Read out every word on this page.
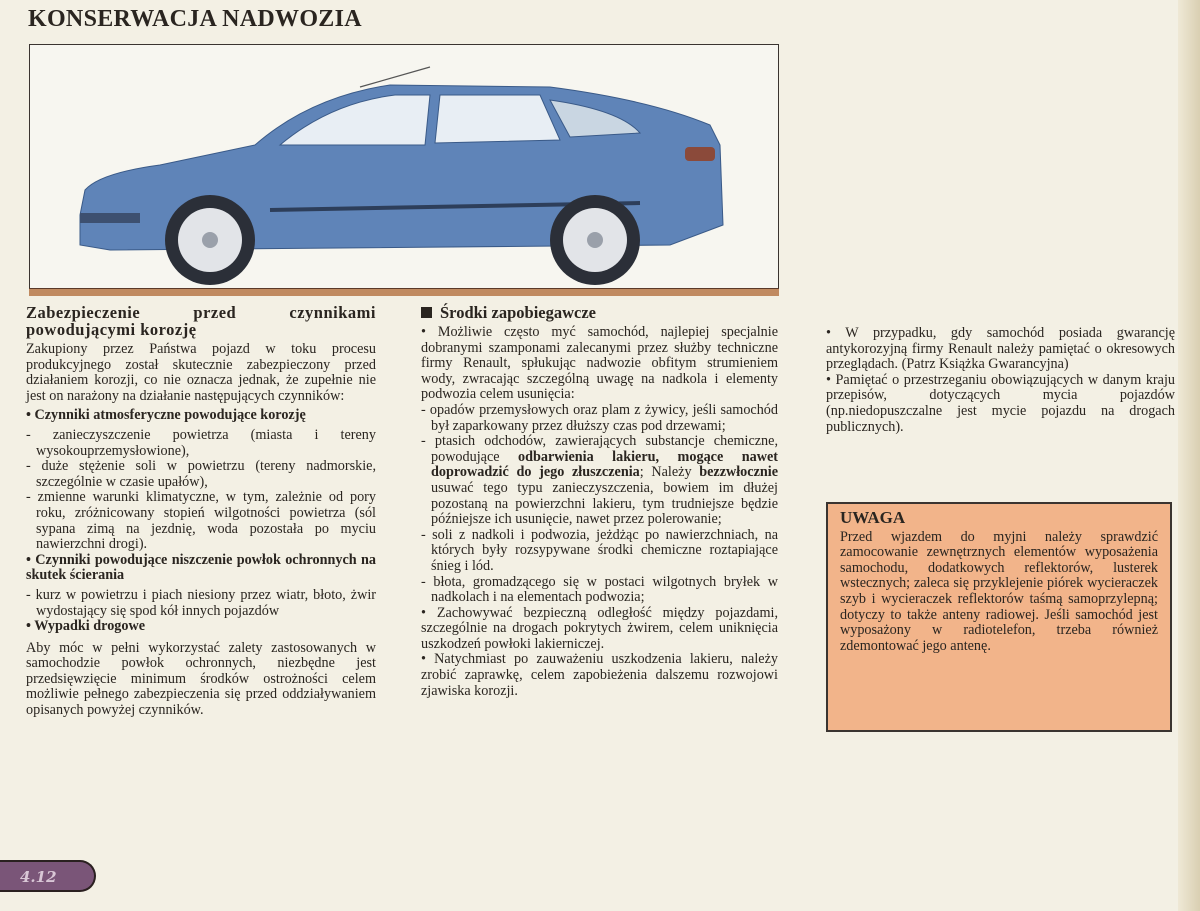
KONSERWACJA NADWOZIA

Zabezpieczenie przed czynnikami powodującymi korozję

Zakupiony przez Państwa pojazd w toku procesu produkcyjnego został skutecznie zabezpieczony przed działaniem korozji, co nie oznacza jednak, że zupełnie nie jest on narażony na działanie następujących czynników:

• Czynniki atmosferyczne powodujące korozję

- zanieczyszczenie powietrza (miasta i tereny wysokouprzemysłowione),

- duże stężenie soli w powietrzu (tereny nadmorskie, szczególnie w czasie upałów),

- zmienne warunki klimatyczne, w tym, zależnie od pory roku, zróżnicowany stopień wilgotności powietrza (sól sypana zimą na jezdnię, woda pozostała po myciu nawierzchni drogi).

• Czynniki powodujące niszczenie powłok ochronnych na skutek ścierania

- kurz w powietrzu i piach niesiony przez wiatr, błoto, żwir wydostający się spod kół innych pojazdów

• Wypadki drogowe

Aby móc w pełni wykorzystać zalety zastosowanych w samochodzie powłok ochronnych, niezbędne jest przedsięwzięcie minimum środków ostrożności celem możliwie pełnego zabezpieczenia się przed oddziaływaniem opisanych powyżej czynników.

Środki zapobiegawcze

• Możliwie często myć samochód, najlepiej specjalnie dobranymi szamponami zalecanymi przez służby techniczne firmy Renault, spłukując nadwozie obfitym strumieniem wody, zwracając szczególną uwagę na nadkola i elementy podwozia celem usunięcia:

- opadów przemysłowych oraz plam z żywicy, jeśli samochód był zaparkowany przez dłuższy czas pod drzewami;

- ptasich odchodów, zawierających substancje chemiczne, powodujące odbarwienia lakieru, mogące nawet doprowadzić do jego złuszczenia; Należy bezzwłocznie usuwać tego typu zanieczyszczenia, bowiem im dłużej pozostaną na powierzchni lakieru, tym trudniejsze będzie późniejsze ich usunięcie, nawet przez polerowanie;

- soli z nadkoli i podwozia, jeżdżąc po nawierzchniach, na których były rozsypywane środki chemiczne roztapiające śnieg i lód.

- błota, gromadzącego się w postaci wilgotnych bryłek w nadkolach i na elementach podwozia;

• Zachowywać bezpieczną odległość między pojazdami, szczególnie na drogach pokrytych żwirem, celem uniknięcia uszkodzeń powłoki lakierniczej.

• Natychmiast po zauważeniu uszkodzenia lakieru, należy zrobić zaprawkę, celem zapobieżenia dalszemu rozwojowi zjawiska korozji.

• W przypadku, gdy samochód posiada gwarancję antykorozyjną firmy Renault należy pamiętać o okresowych przeglądach. (Patrz Książka Gwarancyjna)

• Pamiętać o przestrzeganiu obowiązujących w danym kraju przepisów, dotyczących mycia pojazdów (np.niedopuszczalne jest mycie pojazdu na drogach publicznych).

UWAGA
Przed wjazdem do myjni należy sprawdzić zamocowanie zewnętrznych elementów wyposażenia samochodu, dodatkowych reflektorów, lusterek wstecznych; zaleca się przyklejenie piórek wycieraczek szyb i wycieraczek reflektorów taśmą samoprzylepną; dotyczy to także anteny radiowej. Jeśli samochód jest wyposażony w radiotelefon, trzeba również zdemontować jego antenę.
4.12
